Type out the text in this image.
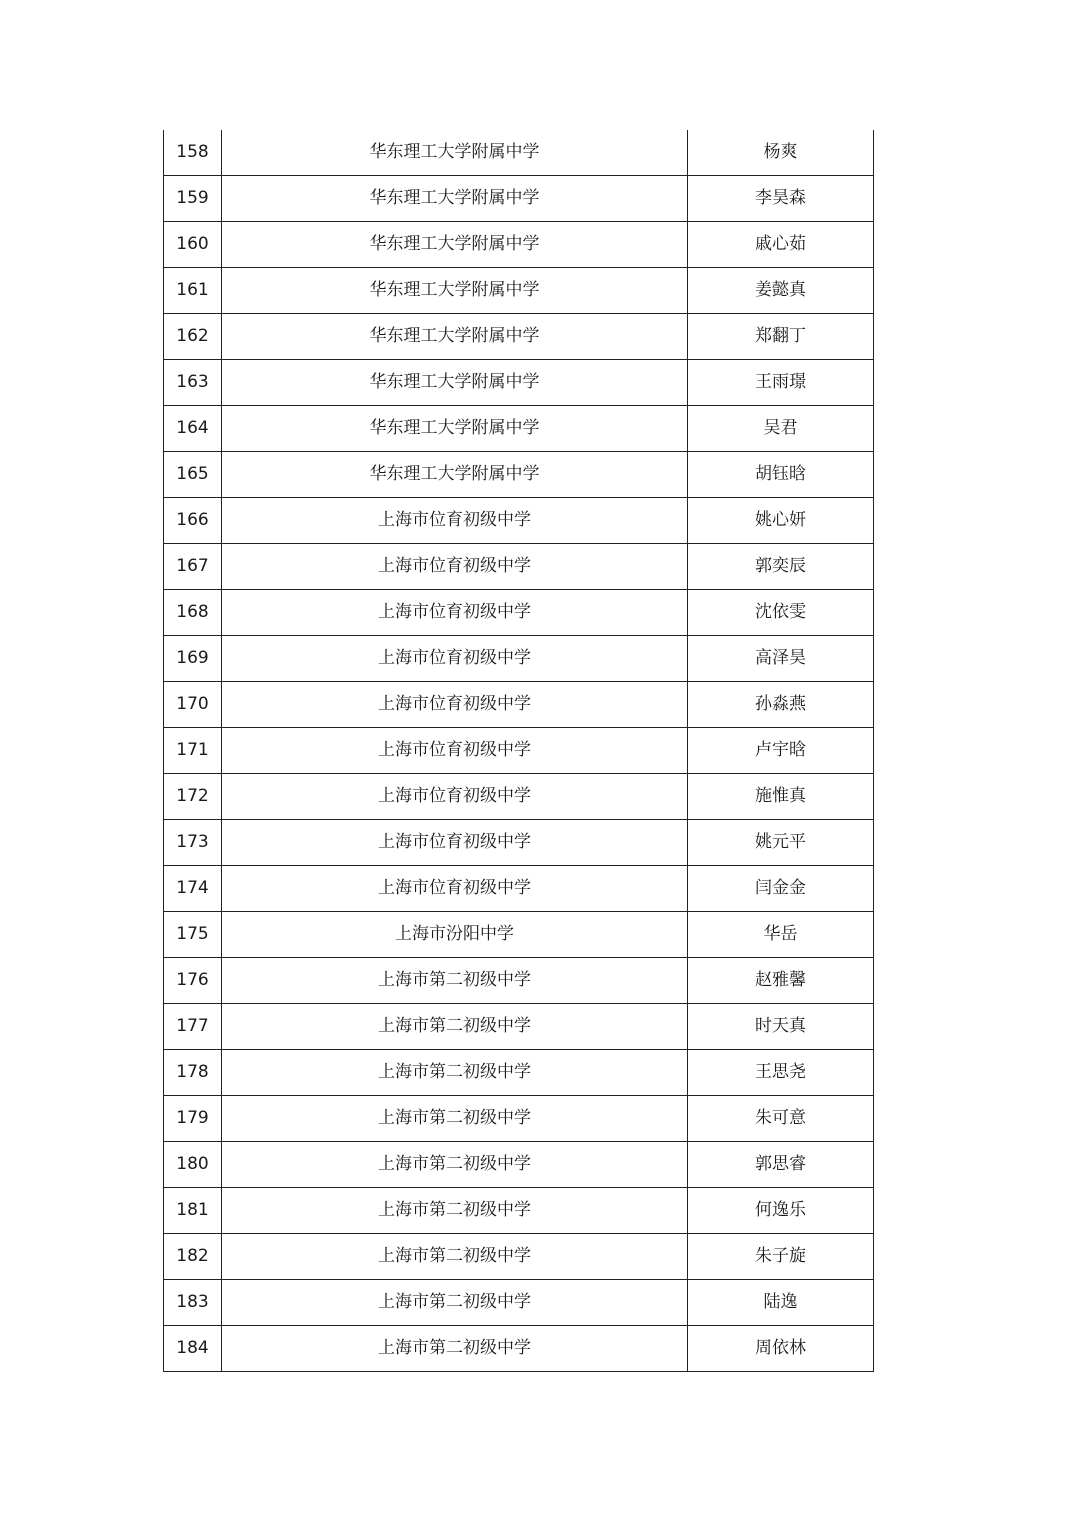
158	华东理工大学附属中学	杨爽
159	华东理工大学附属中学	李昊森
160	华东理工大学附属中学	戚心茹
161	华东理工大学附属中学	姜懿真
162	华东理工大学附属中学	郑翻丁
163	华东理工大学附属中学	王雨璟
164	华东理工大学附属中学	吴君
165	华东理工大学附属中学	胡钰晗
166	上海市位育初级中学	姚心妍
167	上海市位育初级中学	郭奕辰
168	上海市位育初级中学	沈依雯
169	上海市位育初级中学	高泽昊
170	上海市位育初级中学	孙淼燕
171	上海市位育初级中学	卢宇晗
172	上海市位育初级中学	施惟真
173	上海市位育初级中学	姚元平
174	上海市位育初级中学	闫金金
175	上海市汾阳中学	华岳
176	上海市第二初级中学	赵雅馨
177	上海市第二初级中学	时天真
178	上海市第二初级中学	王思尧
179	上海市第二初级中学	朱可意
180	上海市第二初级中学	郭思睿
181	上海市第二初级中学	何逸乐
182	上海市第二初级中学	朱子旋
183	上海市第二初级中学	陆逸
184	上海市第二初级中学	周依林
